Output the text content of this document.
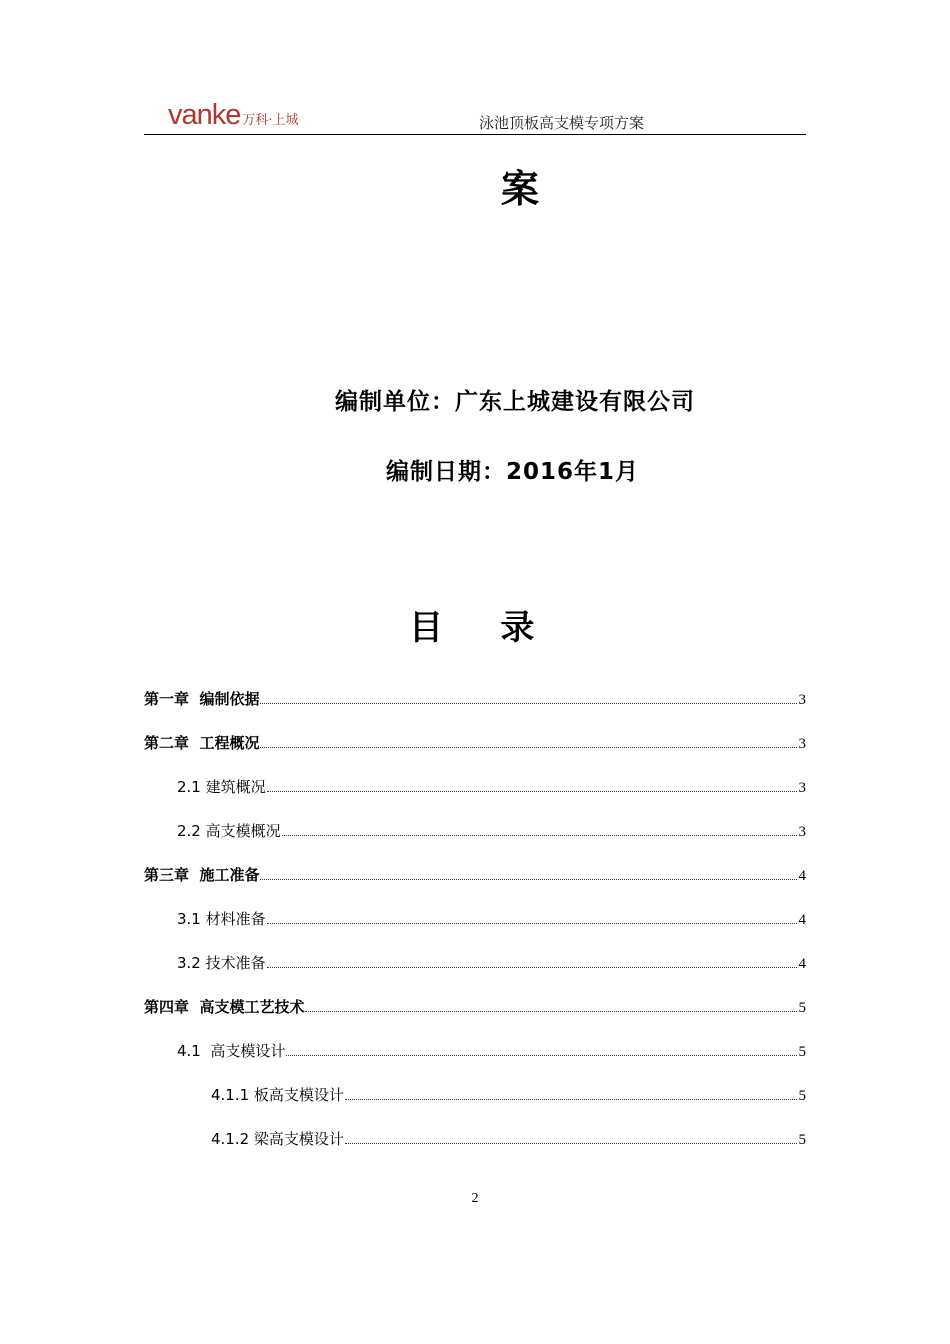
vanke 万科·上城	泳池顶板高支模专项方案
案
编制单位：广东上城建设有限公司
编制日期：2016年1月
目    录
第一章  编制依据	3
第二章  工程概况	3
2.1 建筑概况	3
2.2 高支模概况	3
第三章  施工准备	4
3.1 材料准备	4
3.2 技术准备	4
第四章  高支模工艺技术	5
4.1  高支模设计	5
4.1.1 板高支模设计	5
4.1.2 梁高支模设计	5
2
